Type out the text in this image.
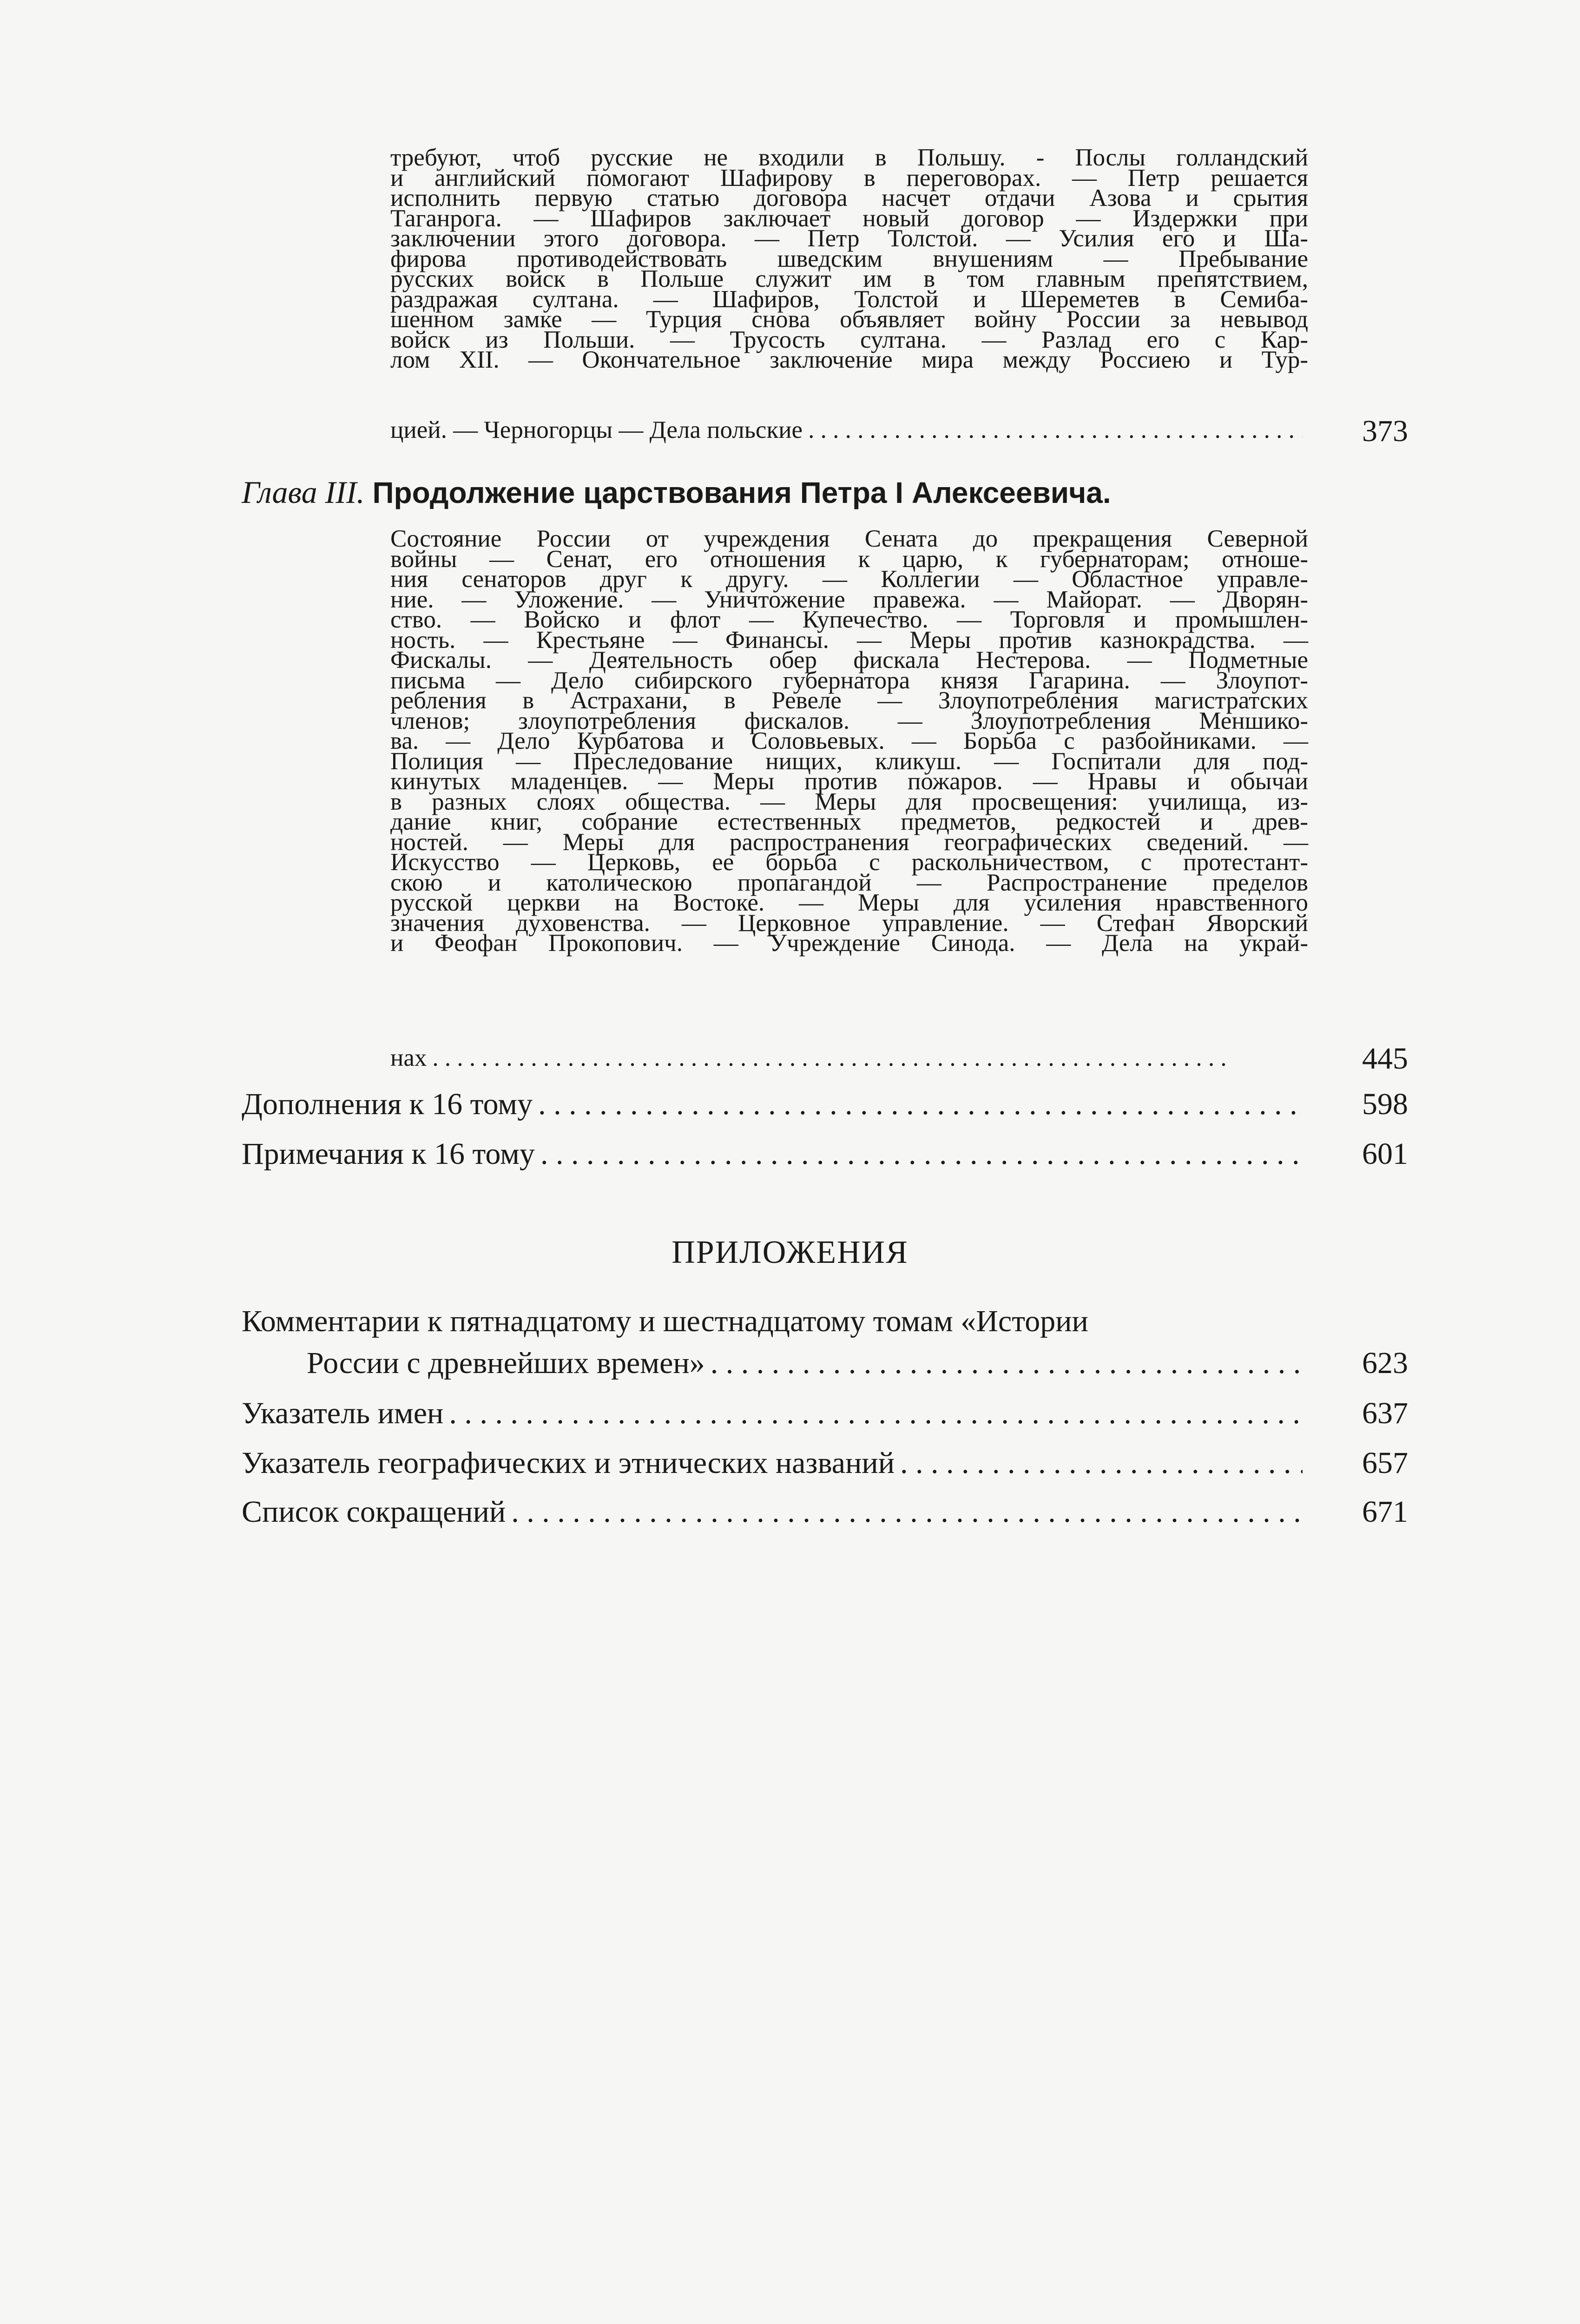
требуют, чтоб русские не входили в Польшу. - Послы голландский
и английский помогают Шафирову в переговорах. — Петр решается
исполнить первую статью договора насчет отдачи Азова и срытия
Таганрога. — Шафиров заключает новый договор — Издержки при
заключении этого договора. — Петр Толстой. — Усилия его и Ша-
фирова противодействовать шведским внушениям — Пребывание
русских войск в Польше служит им в том главным препятствием,
раздражая султана. — Шафиров, Толстой и Шереметев в Семиба-
шенном замке — Турция снова объявляет войну России за невывод
войск из Польши. — Трусость султана. — Разлад его с Кар-
лом XII. — Окончательное заключение мира между Россиею и Тур-
цией. — Черногорцы — Дела польские . .	373
Глава III. Продолжение царствования Петра I Алексеевича.
Состояние России от учреждения Сената до прекращения Северной
войны — Сенат, его отношения к царю, к губернаторам; отноше-
ния сенаторов друг к другу. — Коллегии — Областное управле-
ние. — Уложение. — Уничтожение правежа. — Майорат. — Дворян-
ство. — Войско и флот — Купечество. — Торговля и промышлен-
ность. — Крестьяне — Финансы. — Меры против казнокрадства. —
Фискалы. — Деятельность обер фискала Нестерова. — Подметные
письма — Дело сибирского губернатора князя Гагарина. — Злоупот-
ребления в Астрахани, в Ревеле — Злоупотребления магистратских
членов; злоупотребления фискалов. — Злоупотребления Меншико-
ва. — Дело Курбатова и Соловьевых. — Борьба с разбойниками. —
Полиция — Преследование нищих, кликуш. — Госпитали для под-
кинутых младенцев. — Меры против пожаров. — Нравы и обычаи
в разных слоях общества. — Меры для просвещения: училища, из-
дание книг, собрание естественных предметов, редкостей и древ-
ностей. — Меры для распространения географических сведений. —
Искусство — Церковь, ее борьба с раскольничеством, с протестант-
скою и католическою пропагандой — Распространение пределов
русской церкви на Востоке. — Меры для усиления нравственного
значения духовенства. — Церковное управление. — Стефан Яворский
и Феофан Прокопович. — Учреждение Синода. — Дела на украй-
нах . .	445
Дополнения к 16 тому . .	598
Примечания к 16 тому . .	601
ПРИЛОЖЕНИЯ
Комментарии к пятнадцатому и шестнадцатому томам «Истории
России с древнейших времен» . .	623
Указатель имен . .	637
Указатель географических и этнических названий . .	657
Список сокращений . .	671
